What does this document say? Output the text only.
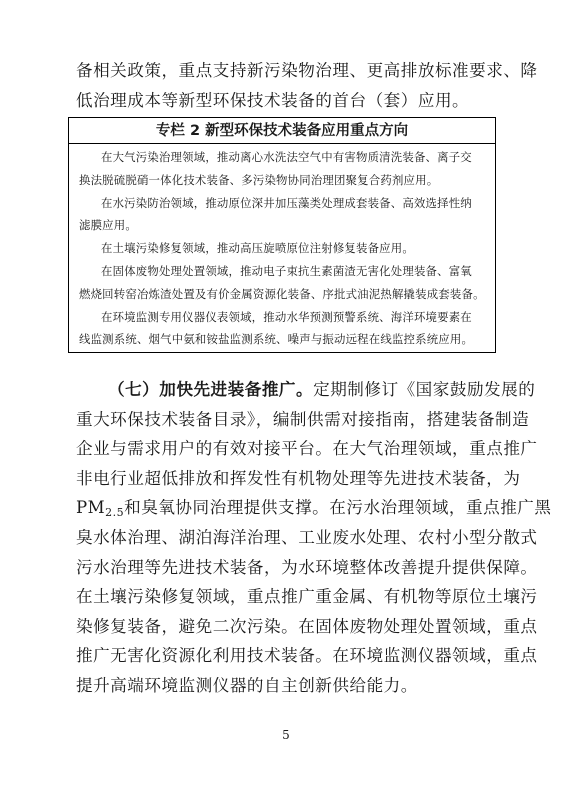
备相关政策，重点支持新污染物治理、更高排放标准要求、降
低治理成本等新型环保技术装备的首台（套）应用。
专栏 2 新型环保技术装备应用重点方向
在大气污染治理领域，推动离心水洗法空气中有害物质清洗装备、离子交
换法脱硫脱硝一体化技术装备、多污染物协同治理团聚复合药剂应用。
在水污染防治领域，推动原位深井加压藻类处理成套装备、高效选择性纳
滤膜应用。
在土壤污染修复领域，推动高压旋喷原位注射修复装备应用。
在固体废物处理处置领域，推动电子束抗生素菌渣无害化处理装备、富氧
燃烧回转窑冶炼渣处置及有价金属资源化装备、序批式油泥热解撬装成套装备。
在环境监测专用仪器仪表领域，推动水华预测预警系统、海洋环境要素在
线监测系统、烟气中氨和铵盐监测系统、噪声与振动远程在线监控系统应用。
（七）加快先进装备推广。定期制修订《国家鼓励发展的
重大环保技术装备目录》，编制供需对接指南，搭建装备制造
企业与需求用户的有效对接平台。在大气治理领域，重点推广
非电行业超低排放和挥发性有机物处理等先进技术装备，为
$PM_{2.5}$和臭氧协同治理提供支撑。在污水治理领域，重点推广黑
臭水体治理、湖泊海洋治理、工业废水处理、农村小型分散式
污水治理等先进技术装备，为水环境整体改善提升提供保障。
在土壤污染修复领域，重点推广重金属、有机物等原位土壤污
染修复装备，避免二次污染。在固体废物处理处置领域，重点
推广无害化资源化利用技术装备。在环境监测仪器领域，重点
提升高端环境监测仪器的自主创新供给能力。
5
